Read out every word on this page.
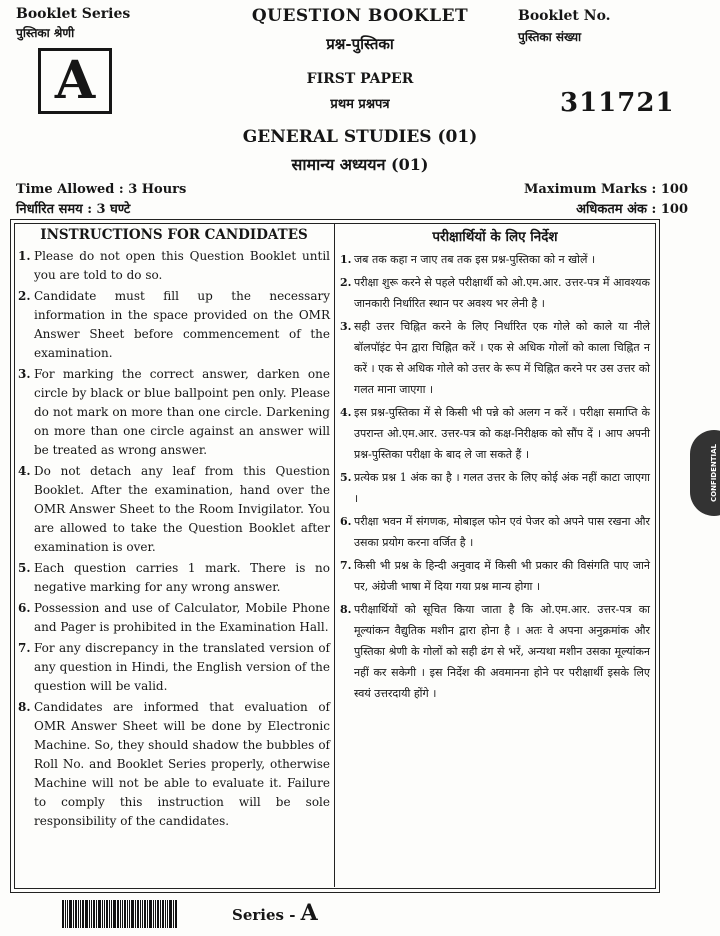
Booklet Series
पुस्तिका श्रेणी
A
QUESTION BOOKLET
प्रश्न-पुस्तिका
FIRST PAPER
प्रथम प्रश्नपत्र
GENERAL STUDIES (01)
सामान्य अध्ययन (01)
Booklet No.
पुस्तिका संख्या
311721
Time Allowed : 3 Hours
निर्धारित समय : 3 घण्टे
Maximum Marks : 100
अधिकतम अंक : 100
INSTRUCTIONS FOR CANDIDATES
1. Please do not open this Question Booklet until you are told to do so.
2. Candidate must fill up the necessary information in the space provided on the OMR Answer Sheet before commencement of the examination.
3. For marking the correct answer, darken one circle by black or blue ballpoint pen only. Please do not mark on more than one circle. Darkening on more than one circle against an answer will be treated as wrong answer.
4. Do not detach any leaf from this Question Booklet. After the examination, hand over the OMR Answer Sheet to the Room Invigilator. You are allowed to take the Question Booklet after examination is over.
5. Each question carries 1 mark. There is no negative marking for any wrong answer.
6. Possession and use of Calculator, Mobile Phone and Pager is prohibited in the Examination Hall.
7. For any discrepancy in the translated version of any question in Hindi, the English version of the question will be valid.
8. Candidates are informed that evaluation of OMR Answer Sheet will be done by Electronic Machine. So, they should shadow the bubbles of Roll No. and Booklet Series properly, otherwise Machine will not be able to evaluate it. Failure to comply this instruction will be sole responsibility of the candidates.
परीक्षार्थियों के लिए निर्देश
1. जब तक कहा न जाए तब तक इस प्रश्न-पुस्तिका को न खोलें ।
2. परीक्षा शुरू करने से पहले परीक्षार्थी को ओ.एम.आर. उत्तर-पत्र में आवश्यक जानकारी निर्धारित स्थान पर अवश्य भर लेनी है ।
3. सही उत्तर चिह्नित करने के लिए निर्धारित एक गोले को काले या नीले बॉलपॉइंट पेन द्वारा चिह्नित करें । एक से अधिक गोलों को काला चिह्नित न करें । एक से अधिक गोले को उत्तर के रूप में चिह्नित करने पर उस उत्तर को गलत माना जाएगा ।
4. इस प्रश्न-पुस्तिका में से किसी भी पन्ने को अलग न करें । परीक्षा समाप्ति के उपरान्त ओ.एम.आर. उत्तर-पत्र को कक्ष-निरीक्षक को सौंप दें । आप अपनी प्रश्न-पुस्तिका परीक्षा के बाद ले जा सकते हैं ।
5. प्रत्येक प्रश्न 1 अंक का है । गलत उत्तर के लिए कोई अंक नहीं काटा जाएगा ।
6. परीक्षा भवन में संगणक, मोबाइल फोन एवं पेजर को अपने पास रखना और उसका प्रयोग करना वर्जित है ।
7. किसी भी प्रश्न के हिन्दी अनुवाद में किसी भी प्रकार की विसंगति पाए जाने पर, अंग्रेजी भाषा में दिया गया प्रश्न मान्य होगा ।
8. परीक्षार्थियों को सूचित किया जाता है कि ओ.एम.आर. उत्तर-पत्र का मूल्यांकन वैद्युतिक मशीन द्वारा होना है । अतः वे अपना अनुक्रमांक और पुस्तिका श्रेणी के गोलों को सही ढंग से भरें, अन्यथा मशीन उसका मूल्यांकन नहीं कर सकेगी । इस निर्देश की अवमानना होने पर परीक्षार्थी इसके लिए स्वयं उत्तरदायी होंगे ।
Series - A
CONFIDENTIAL
